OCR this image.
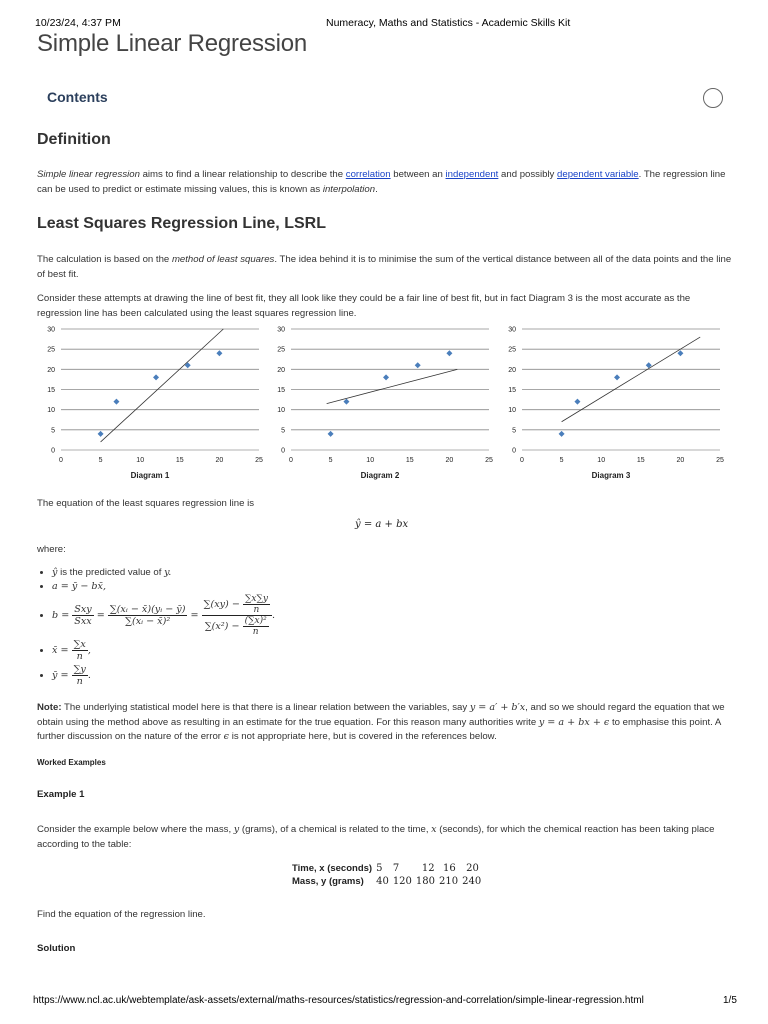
10/23/24, 4:37 PM	Numeracy, Maths and Statistics - Academic Skills Kit
Simple Linear Regression
Contents
Definition

Simple linear regression aims to find a linear relationship to describe the correlation between an independent and possibly dependent variable. The regression line can be used to predict or estimate missing values, this is known as interpolation.

Least Squares Regression Line, LSRL

The calculation is based on the method of least squares. The idea behind it is to minimise the sum of the vertical distance between all of the data points and the line of best fit.

Consider these attempts at drawing the line of best fit, they all look like they could be a fair line of best fit, but in fact Diagram 3 is the most accurate as the regression line has been calculated using the least squares regression line.

0
5
10
15
20
25
30
0	5	10	15	20	25
Diagram 1
0
5
10
15
20
25
30
0	5	10	15	20	25
Diagram 2
0
5
10
15
20
25
30
0	5	10	15	20	25
Diagram 3

The equation of the least squares regression line is

ŷ = a + bx

where:

• ŷ is the predicted value of y.
• a = ȳ − bx̄,
• $b = \frac{\text{Sxy}}{\text{Sxx}} = \frac{\text{∑(xᵢ − x̄)(yᵢ − ȳ)}}{\text{∑(xᵢ − x̄)²}} = \frac{\sum(xy) - \frac{\sum x\sum y}{n}}{\sum(x^2) - \frac{\text{(∑x)²}}{n}}$ .
• x̄ = $\frac{\sum x}{n}$ ,
• ȳ = $\frac{\sum y}{n}$ .

Note: The underlying statistical model here is that there is a linear relation between the variables, say y = a′ + b′x, and so we should regard the equation that we obtain using the method above as resulting in an estimate for the true equation. For this reason many authorities write y = a + bx + ϵ to emphasise this point. A further discussion on the nature of the error ϵ is not appropriate here, but is covered in the references below.

Worked Examples
Example 1

Consider the example below where the mass, y (grams), of a chemical is related to the time, x (seconds), for which the chemical reaction has been taking place according to the table:

Time, x (seconds)	5	7	12	16	20
Mass, y (grams)	40	120	180	210	240

Find the equation of the regression line.

Solution
https://www.ncl.ac.uk/webtemplate/ask-assets/external/maths-resources/statistics/regression-and-correlation/simple-linear-regression.html	1/5
